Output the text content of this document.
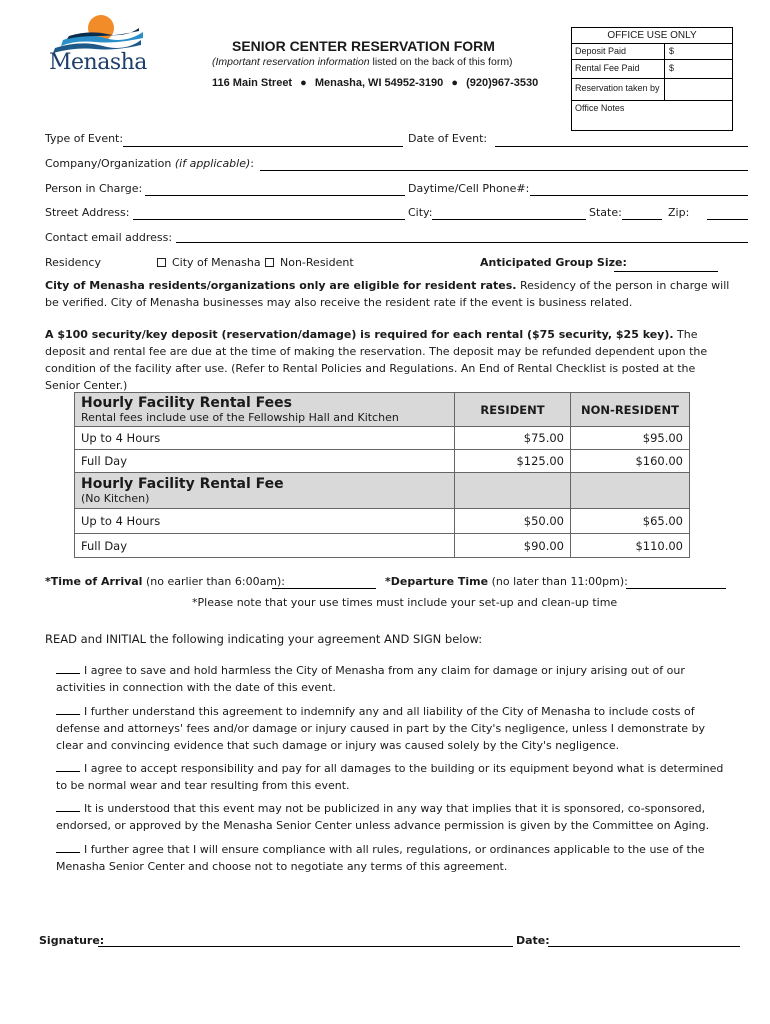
Menasha
SENIOR CENTER RESERVATION FORM
(Important reservation information listed on the back of this form)
116 Main Street ● Menasha, WI 54952-3190 ● (920)967-3530
OFFICE USE ONLY
Deposit Paid	$
Rental Fee Paid	$
Reservation taken by
Office Notes
Type of Event:	Date of Event:
Company/Organization (if applicable):
Person in Charge:	Daytime/Cell Phone#:
Street Address:	City:	State:	Zip:
Contact email address:
Residency	City of Menasha	Non-Resident	Anticipated Group Size:
City of Menasha residents/organizations only are eligible for resident rates. Residency of the person in charge will be verified. City of Menasha businesses may also receive the resident rate if the event is business related.
A $100 security/key deposit (reservation/damage) is required for each rental ($75 security, $25 key). The deposit and rental fee are due at the time of making the reservation. The deposit may be refunded dependent upon the condition of the facility after use. (Refer to Rental Policies and Regulations. An End of Rental Checklist is posted at the Senior Center.)
Hourly Facility Rental Fees
Rental fees include use of the Fellowship Hall and Kitchen	RESIDENT	NON-RESIDENT
Up to 4 Hours	$75.00	$95.00
Full Day	$125.00	$160.00

Hourly Facility Rental Fee
(No Kitchen)		

Up to 4 Hours	$50.00	$65.00
Full Day	$90.00	$110.00
*Time of Arrival (no earlier than 6:00am):	*Departure Time (no later than 11:00pm):
*Please note that your use times must include your set-up and clean-up time
READ and INITIAL the following indicating your agreement AND SIGN below:
I agree to save and hold harmless the City of Menasha from any claim for damage or injury arising out of our activities in connection with the date of this event.
I further understand this agreement to indemnify any and all liability of the City of Menasha to include costs of defense and attorneys' fees and/or damage or injury caused in part by the City's negligence, unless I demonstrate by clear and convincing evidence that such damage or injury was caused solely by the City's negligence.
I agree to accept responsibility and pay for all damages to the building or its equipment beyond what is determined to be normal wear and tear resulting from this event.
It is understood that this event may not be publicized in any way that implies that it is sponsored, co-sponsored, endorsed, or approved by the Menasha Senior Center unless advance permission is given by the Committee on Aging.
I further agree that I will ensure compliance with all rules, regulations, or ordinances applicable to the use of the Menasha Senior Center and choose not to negotiate any terms of this agreement.
Signature:	Date:
